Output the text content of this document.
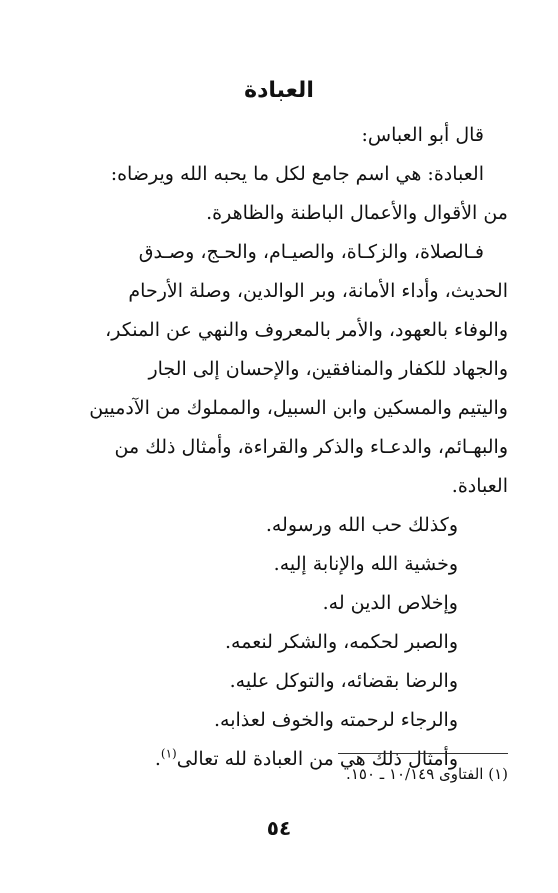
العبادة
قال أبو العباس:
العبادة: هي اسم جامع لكل ما يحبه الله ويرضاه:
من الأقوال والأعمال الباطنة والظاهرة.
فـالصلاة، والزكـاة، والصيـام، والحـج، وصـدق
الحديث، وأداء الأمانة، وبر الوالدين، وصلة الأرحام
والوفاء بالعهود، والأمر بالمعروف والنهي عن المنكر،
والجهاد للكفار والمنافقين، والإحسان إلى الجار
واليتيم والمسكين وابن السبيل، والمملوك من الآدميين
والبهـائم، والدعـاء والذكر والقراءة، وأمثال ذلك من
العبادة.
وكذلك حب الله ورسوله.
وخشية الله والإنابة إليه.
وإخلاص الدين له.
والصبر لحكمه، والشكر لنعمه.
والرضا بقضائه، والتوكل عليه.
والرجاء لرحمته والخوف لعذابه.
وأمثال ذلك هي من العبادة لله تعالى$^{(١)}$.
(١) الفتاوى ١٠/١٤٩ ـ ١٥٠.
٥٤
